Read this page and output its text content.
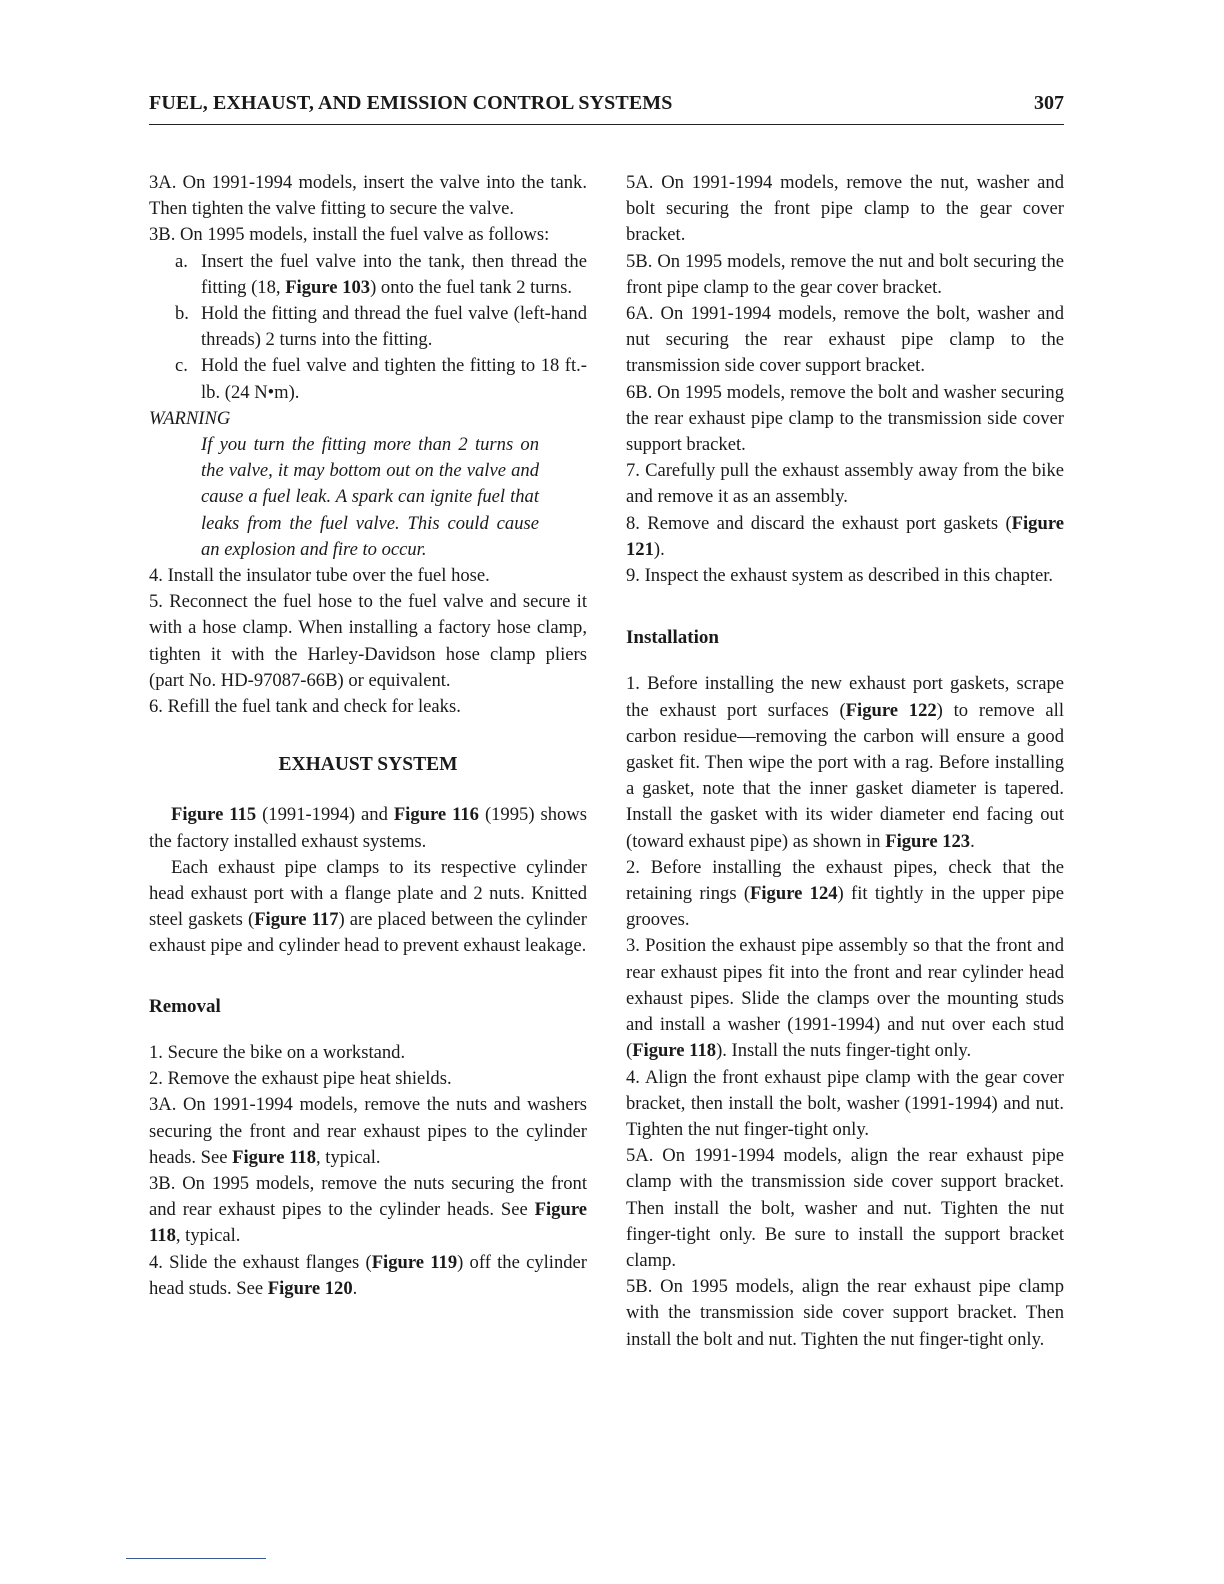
FUEL, EXHAUST, AND EMISSION CONTROL SYSTEMS	307

3A. On 1991-1994 models, insert the valve into the tank. Then tighten the valve fitting to secure the valve.

3B. On 1995 models, install the fuel valve as follows:

a. Insert the fuel valve into the tank, then thread the fitting (18, Figure 103) onto the fuel tank 2 turns.

b. Hold the fitting and thread the fuel valve (left-hand threads) 2 turns into the fitting.

c. Hold the fuel valve and tighten the fitting to 18 ft.-lb. (24 N•m).

WARNING

If you turn the fitting more than 2 turns on the valve, it may bottom out on the valve and cause a fuel leak. A spark can ignite fuel that leaks from the fuel valve. This could cause an explosion and fire to occur.

4. Install the insulator tube over the fuel hose.

5. Reconnect the fuel hose to the fuel valve and secure it with a hose clamp. When installing a factory hose clamp, tighten it with the Harley-Davidson hose clamp pliers (part No. HD-97087-66B) or equivalent.

6. Refill the fuel tank and check for leaks.

EXHAUST SYSTEM

Figure 115 (1991-1994) and Figure 116 (1995) shows the factory installed exhaust systems.

Each exhaust pipe clamps to its respective cylinder head exhaust port with a flange plate and 2 nuts. Knitted steel gaskets (Figure 117) are placed between the cylinder exhaust pipe and cylinder head to prevent exhaust leakage.

Removal

1. Secure the bike on a workstand.

2. Remove the exhaust pipe heat shields.

3A. On 1991-1994 models, remove the nuts and washers securing the front and rear exhaust pipes to the cylinder heads. See Figure 118, typical.

3B. On 1995 models, remove the nuts securing the front and rear exhaust pipes to the cylinder heads. See Figure 118, typical.

4. Slide the exhaust flanges (Figure 119) off the cylinder head studs. See Figure 120.

5A. On 1991-1994 models, remove the nut, washer and bolt securing the front pipe clamp to the gear cover bracket.

5B. On 1995 models, remove the nut and bolt securing the front pipe clamp to the gear cover bracket.

6A. On 1991-1994 models, remove the bolt, washer and nut securing the rear exhaust pipe clamp to the transmission side cover support bracket.

6B. On 1995 models, remove the bolt and washer securing the rear exhaust pipe clamp to the transmission side cover support bracket.

7. Carefully pull the exhaust assembly away from the bike and remove it as an assembly.

8. Remove and discard the exhaust port gaskets (Figure 121).

9. Inspect the exhaust system as described in this chapter.

Installation

1. Before installing the new exhaust port gaskets, scrape the exhaust port surfaces (Figure 122) to remove all carbon residue—removing the carbon will ensure a good gasket fit. Then wipe the port with a rag. Before installing a gasket, note that the inner gasket diameter is tapered. Install the gasket with its wider diameter end facing out (toward exhaust pipe) as shown in Figure 123.

2. Before installing the exhaust pipes, check that the retaining rings (Figure 124) fit tightly in the upper pipe grooves.

3. Position the exhaust pipe assembly so that the front and rear exhaust pipes fit into the front and rear cylinder head exhaust pipes. Slide the clamps over the mounting studs and install a washer (1991-1994) and nut over each stud (Figure 118). Install the nuts finger-tight only.

4. Align the front exhaust pipe clamp with the gear cover bracket, then install the bolt, washer (1991-1994) and nut. Tighten the nut finger-tight only.

5A. On 1991-1994 models, align the rear exhaust pipe clamp with the transmission side cover support bracket. Then install the bolt, washer and nut. Tighten the nut finger-tight only. Be sure to install the support bracket clamp.

5B. On 1995 models, align the rear exhaust pipe clamp with the transmission side cover support bracket. Then install the bolt and nut. Tighten the nut finger-tight only.
